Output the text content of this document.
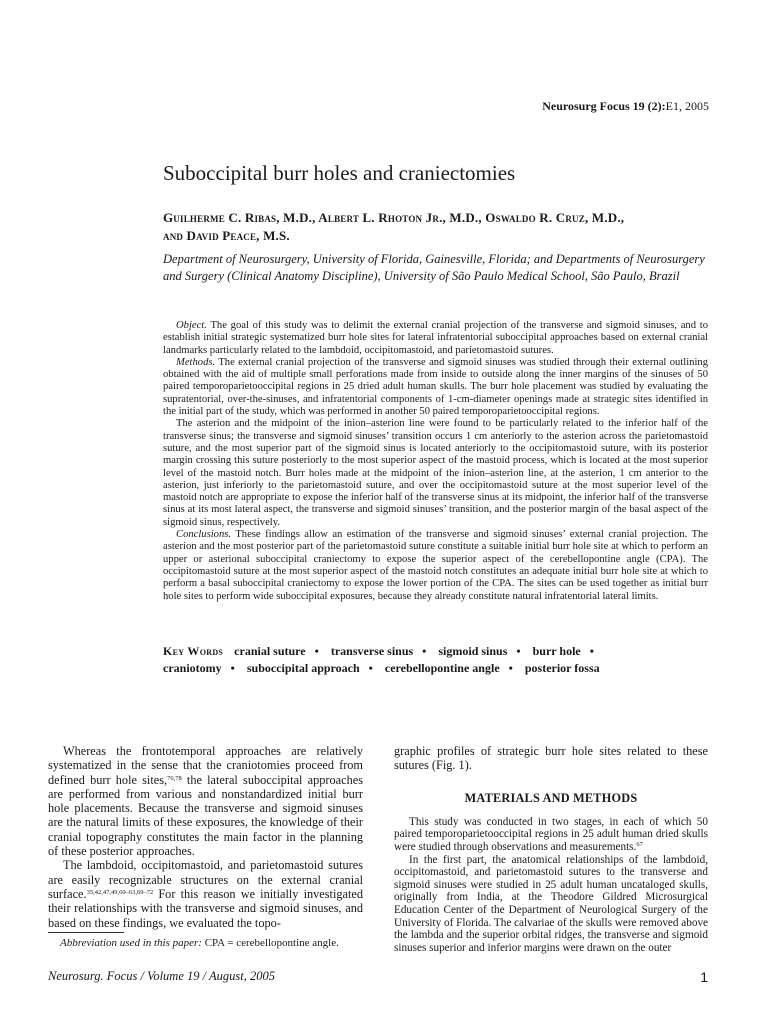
Neurosurg Focus 19 (2):E1, 2005
Suboccipital burr holes and craniectomies
Guilherme C. Ribas, M.D., Albert L. Rhoton Jr., M.D., Oswaldo R. Cruz, M.D.,
and David Peace, M.S.
Department of Neurosurgery, University of Florida, Gainesville, Florida; and Departments of Neurosurgery and Surgery (Clinical Anatomy Discipline), University of São Paulo Medical School, São Paulo, Brazil

Object. The goal of this study was to delimit the external cranial projection of the transverse and sigmoid sinuses, and to establish initial strategic systematized burr hole sites for lateral infratentorial suboccipital approaches based on external cranial landmarks particularly related to the lambdoid, occipitomastoid, and parietomastoid sutures.

Methods. The external cranial projection of the transverse and sigmoid sinuses was studied through their external outlining obtained with the aid of multiple small perforations made from inside to outside along the inner margins of the sinuses of 50 paired temporoparietooccipital regions in 25 dried adult human skulls. The burr hole placement was studied by evaluating the supratentorial, over-the-sinuses, and infratentorial components of 1-cm-diameter openings made at strategic sites identified in the initial part of the study, which was performed in another 50 paired temporoparietooccipital regions.

The asterion and the midpoint of the inion–asterion line were found to be particularly related to the inferior half of the transverse sinus; the transverse and sigmoid sinuses’ transition occurs 1 cm anteriorly to the asterion across the parietomastoid suture, and the most superior part of the sigmoid sinus is located anteriorly to the occipitomastoid suture, with its posterior margin crossing this suture posteriorly to the most superior aspect of the mastoid process, which is located at the most superior level of the mastoid notch. Burr holes made at the midpoint of the inion–asterion line, at the asterion, 1 cm anterior to the asterion, just inferiorly to the parietomastoid suture, and over the occipitomastoid suture at the most superior level of the mastoid notch are appropriate to expose the inferior half of the transverse sinus at its midpoint, the inferior half of the transverse sinus at its most lateral aspect, the transverse and sigmoid sinuses’ transition, and the posterior margin of the basal aspect of the sigmoid sinus, respectively.

Conclusions. These findings allow an estimation of the transverse and sigmoid sinuses’ external cranial projection. The asterion and the most posterior part of the parietomastoid suture constitute a suitable initial burr hole site at which to perform an upper or asterional suboccipital craniectomy to expose the superior aspect of the cerebellopontine angle (CPA). The occipitomastoid suture at the most superior aspect of the mastoid notch constitutes an adequate initial burr hole site at which to perform a basal suboccipital craniectomy to expose the lower portion of the CPA. The sites can be used together as initial burr hole sites to perform wide suboccipital exposures, because they already constitute natural infratentorial lateral limits.

Key Words cranial suture • transverse sinus • sigmoid sinus • burr hole •
craniotomy • suboccipital approach • cerebellopontine angle • posterior fossa

Whereas the frontotemporal approaches are relatively systematized in the sense that the craniotomies proceed from defined burr hole sites,$^{76,78}$ the lateral suboccipital approaches are performed from various and nonstandardized initial burr hole placements. Because the transverse and sigmoid sinuses are the natural limits of these exposures, the knowledge of their cranial topography constitutes the main factor in the planning of these posterior approaches.

The lambdoid, occipitomastoid, and parietomastoid sutures are easily recognizable structures on the external cranial surface.$^{35,42,47,49,60-63,69-72}$ For this reason we initially investigated their relationships with the transverse and sigmoid sinuses, and based on these findings, we evaluated the topo-

graphic profiles of strategic burr hole sites related to these sutures (Fig. 1).

MATERIALS AND METHODS

This study was conducted in two stages, in each of which 50 paired temporoparietooccipital regions in 25 adult human dried skulls were studied through observations and measurements.$^{67}$

In the first part, the anatomical relationships of the lambdoid, occipitomastoid, and parietomastoid sutures to the transverse and sigmoid sinuses were studied in 25 adult human uncataloged skulls, originally from India, at the Theodore Gildred Microsurgical Education Center of the Department of Neurological Surgery of the University of Florida. The calvariae of the skulls were removed above the lambda and the superior orbital ridges, the transverse and sigmoid sinuses superior and inferior margins were drawn on the outer

Abbreviation used in this paper: CPA = cerebellopontine angle.
Neurosurg. Focus / Volume 19 / August, 2005	1
